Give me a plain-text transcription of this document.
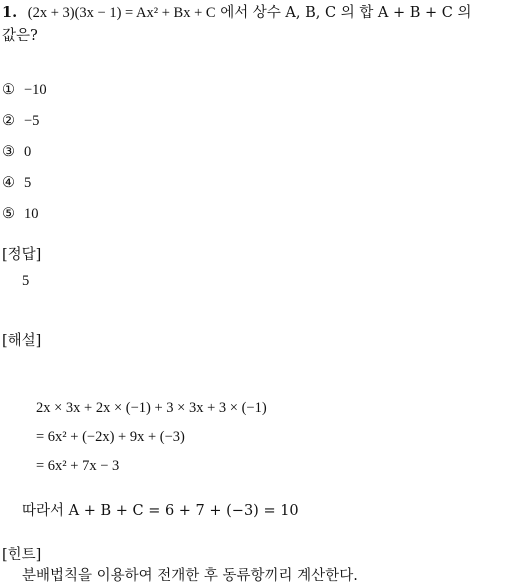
1. (2x + 3)(3x − 1) = Ax² + Bx + C 에서 상수 A, B, C 의 합 A + B + C 의
값은?
① −10
② −5
③ 0
④ 5
⑤ 10
[정답]
5
[해설]
2x × 3x + 2x × (−1) + 3 × 3x + 3 × (−1)
= 6x² + (−2x) + 9x + (−3)
= 6x² + 7x − 3
따라서 A + B + C = 6 + 7 + (−3) = 10
[힌트]
분배법칙을 이용하여 전개한 후 동류항끼리 계산한다.
